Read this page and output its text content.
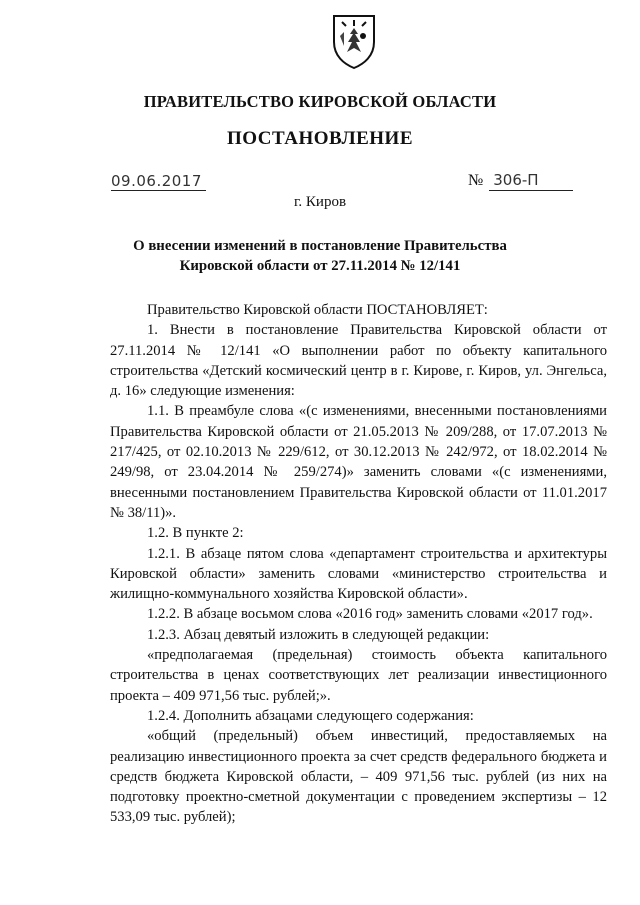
ПРАВИТЕЛЬСТВО КИРОВСКОЙ ОБЛАСТИ
ПОСТАНОВЛЕНИЕ
09.06.2017	№ 306-П
г. Киров
О внесении изменений в постановление Правительства
Кировской области от 27.11.2014 № 12/141

Правительство Кировской области ПОСТАНОВЛЯЕТ:

1. Внести в постановление Правительства Кировской области от 27.11.2014 № 12/141 «О выполнении работ по объекту капитального строительства «Детский космический центр в г. Кирове, г. Киров, ул. Энгельса, д. 16» следующие изменения:

1.1. В преамбуле слова «(с изменениями, внесенными постановлениями Правительства Кировской области от 21.05.2013 № 209/288, от 17.07.2013 № 217/425, от 02.10.2013 № 229/612, от 30.12.2013 № 242/972, от 18.02.2014 № 249/98, от 23.04.2014 № 259/274)» заменить словами «(с изменениями, внесенными постановлением Правительства Кировской области от 11.01.2017 № 38/11)».

1.2. В пункте 2:

1.2.1. В абзаце пятом слова «департамент строительства и архитектуры Кировской области» заменить словами «министерство строительства и жилищно-коммунального хозяйства Кировской области».

1.2.2. В абзаце восьмом слова «2016 год» заменить словами «2017 год».

1.2.3. Абзац девятый изложить в следующей редакции:

«предполагаемая (предельная) стоимость объекта капитального строительства в ценах соответствующих лет реализации инвестиционного проекта – 409 971,56 тыс. рублей;».

1.2.4. Дополнить абзацами следующего содержания:

«общий (предельный) объем инвестиций, предоставляемых на реализацию инвестиционного проекта за счет средств федерального бюджета и средств бюджета Кировской области, – 409 971,56 тыс. рублей (из них на подготовку проектно-сметной документации с проведением экспертизы – 12 533,09 тыс. рублей);
